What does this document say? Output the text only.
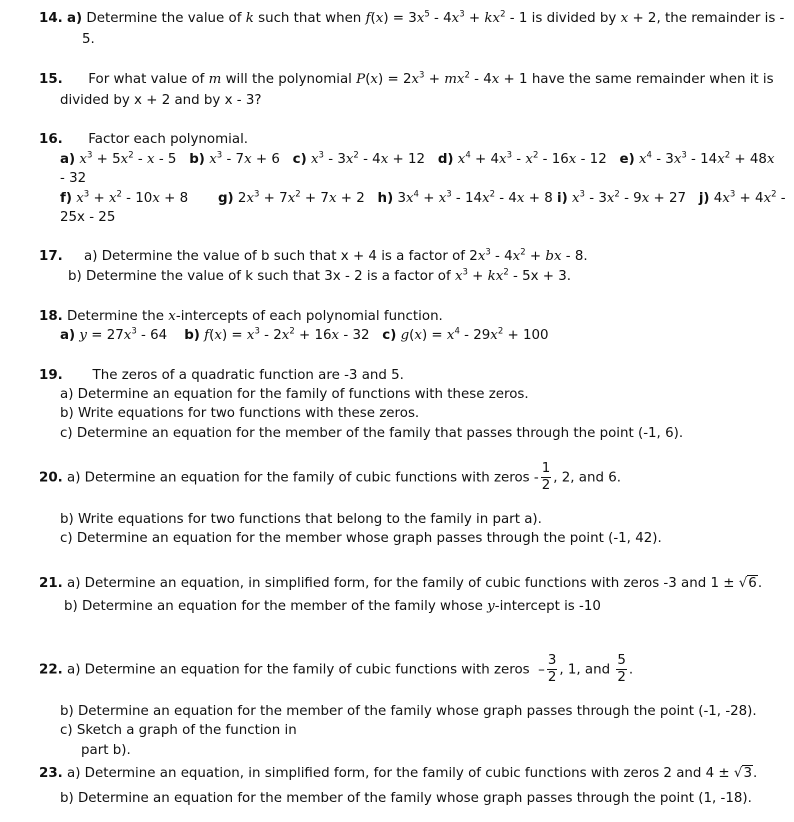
14. a) Determine the value of k such that when $f(x) = 3x^5 - 4x^3 + kx^2 - 1$ is divided by x + 2, the remainder is -
5.
15. For what value of m will the polynomial $P(x) = 2x^3 + mx^2 - 4x + 1$ have the same remainder when it is
divided by x + 2 and by x - 3?
16. Factor each polynomial.
a) $x^3 + 5x^2 - x - 5$   b) $x^3 - 7x + 6$   c) $x^3 - 3x^2 - 4x + 12$   d) $x^4 + 4x^3 - x^2 - 16x - 12$   e) $x^4 - 3x^3 - 14x^2 + 48x$
- 32
f) $x^3 + x^2 - 10x + 8$       g) $2x^3 + 7x^2 + 7x + 2$   h) $3x^4 + x^3 - 14x^2 - 4x + 8$ i) $x^3 - 3x^2 - 9x + 27$   j) $4x^3 + 4x^2$ -
25x - 25
17. a) Determine the value of b such that x + 4 is a factor of $2x^3 - 4x^2$ + bx - 8.
b) Determine the value of k such that 3x - 2 is a factor of $x^3 + kx^2 - 5x + 3$.
18. Determine the x-intercepts of each polynomial function.
a) $y = 27x^3 - 64$    b) $f(x) = x^3 - 2x^2 + 16x - 32$   c) $g(x) = x^4 - 29x^2 + 100$
19. The zeros of a quadratic function are -3 and 5.
a) Determine an equation for the family of functions with these zeros.
b) Write equations for two functions with these zeros.
c) Determine an equation for the member of the family that passes through the point (-1, 6).
20. a) Determine an equation for the family of cubic functions with zeros - $\frac{1}{2}$ , 2, and 6.
b) Write equations for two functions that belong to the family in part a).
c) Determine an equation for the member whose graph passes through the point (-1, 42).
21. a) Determine an equation, in simplified form, for the family of cubic functions with zeros -3 and 1 ± √6.
b) Determine an equation for the member of the family whose y-intercept is -10
22. a) Determine an equation for the family of cubic functions with zeros  – $\frac{3}{2}$ , 1, and $\frac{5}{2}$ .
b) Determine an equation for the member of the family whose graph passes through the point (-1, -28).
c) Sketch a graph of the function in
part b).
23. a) Determine an equation, in simplified form, for the family of cubic functions with zeros 2 and 4 ± √3.
b) Determine an equation for the member of the family whose graph passes through the point (1, -18).
